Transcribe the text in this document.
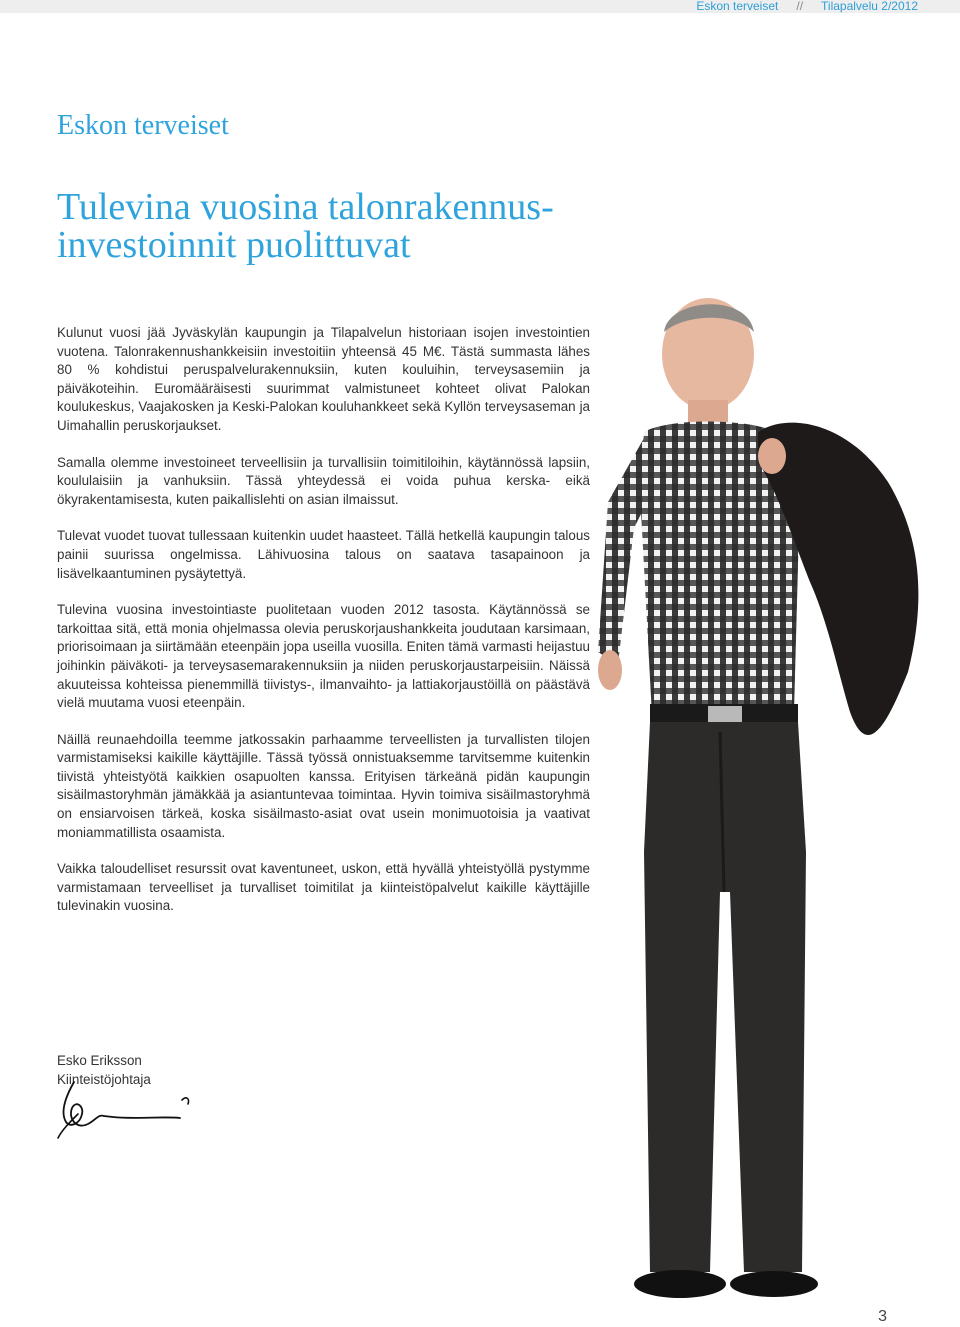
Eskon terveiset // Tilapalvelu 2/2012
Eskon terveiset
Tulevina vuosina talonrakennus-
investoinnit puolittuvat

Kulunut vuosi jää Jyväskylän kaupungin ja Tilapalvelun historiaan isojen investointien vuotena. Talonrakennushankkeisiin investoitiin yhteensä 45 M€. Tästä summasta lähes 80 % kohdistui peruspalvelurakennuksiin, kuten kouluihin, terveysasemiin ja päiväkoteihin. Euromääräisesti suurimmat valmistuneet kohteet olivat Palokan koulukeskus, Vaajakosken ja Keski-Palokan kouluhankkeet sekä Kyllön terveysaseman ja Uimahallin peruskorjaukset.

Samalla olemme investoineet terveellisiin ja turvallisiin toimitiloihin, käytännössä lapsiin, koululaisiin ja vanhuksiin. Tässä yhteydessä ei voida puhua kerska- eikä ökyrakentamisesta, kuten paikallislehti on asian ilmaissut.

Tulevat vuodet tuovat tullessaan kuitenkin uudet haasteet. Tällä hetkellä kaupungin talous painii suurissa ongelmissa. Lähivuosina talous on saatava tasapainoon ja lisävelkaantuminen pysäytettyä.

Tulevina vuosina investointiaste puolitetaan vuoden 2012 tasosta. Käytännössä se tarkoittaa sitä, että monia ohjelmassa olevia peruskorjaushankkeita joudutaan karsimaan, priorisoimaan ja siirtämään eteenpäin jopa useilla vuosilla. Eniten tämä varmasti heijastuu joihinkin päiväkoti- ja terveysasemarakennuksiin ja niiden peruskorjaustarpeisiin. Näissä akuuteissa kohteissa pienemmillä tiivistys-, ilmanvaihto- ja lattiakorjaustöillä on päästävä vielä muutama vuosi eteenpäin.

Näillä reunaehdoilla teemme jatkossakin parhaamme terveellisten ja turvallisten tilojen varmistamiseksi kaikille käyttäjille. Tässä työssä onnistuaksemme tarvitsemme kuitenkin tiivistä yhteistyötä kaikkien osapuolten kanssa. Erityisen tärkeänä pidän kaupungin sisäilmastoryhmän jämäkkää ja asiantuntevaa toimintaa. Hyvin toimiva sisäilmastoryhmä on ensiarvoisen tärkeä, koska sisäilmasto-asiat ovat usein monimuotoisia ja vaativat moniammatillista osaamista.

Vaikka taloudelliset resurssit ovat kaventuneet, uskon, että hyvällä yhteistyöllä pystymme varmistamaan terveelliset ja turvalliset toimitilat ja kiinteistöpalvelut kaikille käyttäjille tulevinakin vuosina.

Esko Eriksson
Kiinteistöjohtaja
3
